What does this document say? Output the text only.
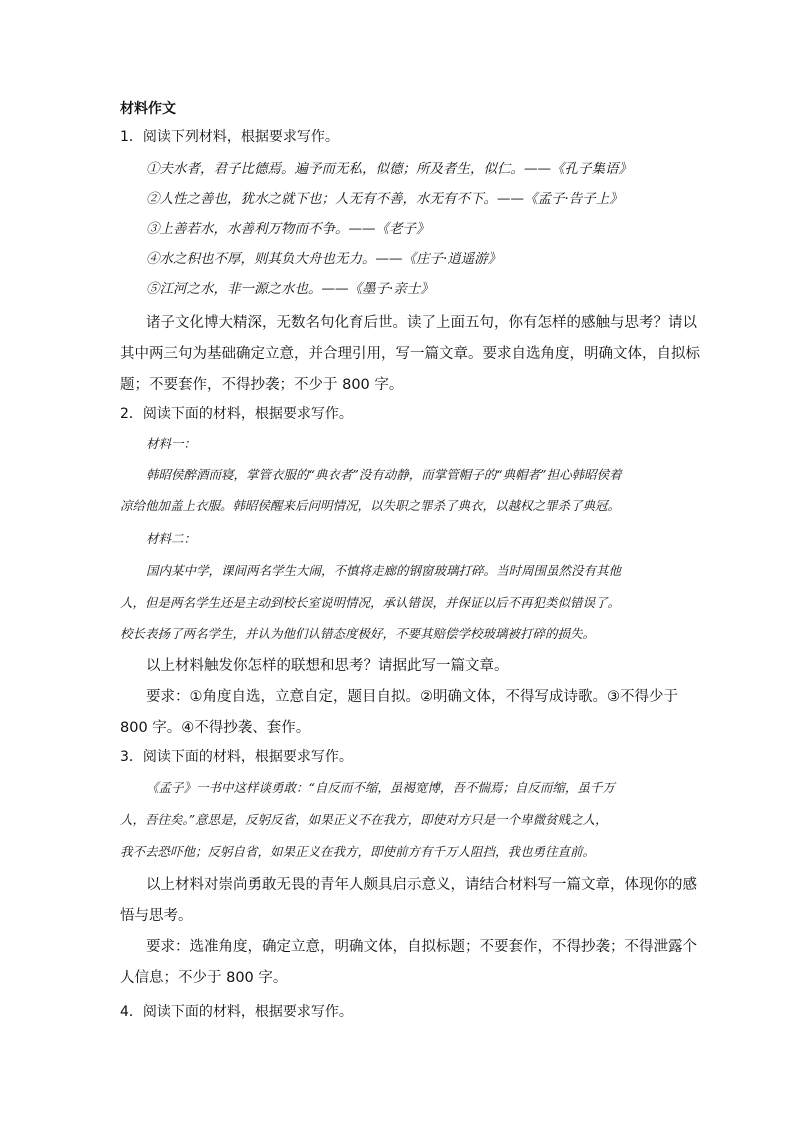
材料作文
1．阅读下列材料，根据要求写作。
①夫水者，君子比德焉。遍予而无私，似德；所及者生，似仁。——《孔子集语》
②人性之善也，犹水之就下也；人无有不善，水无有不下。——《孟子·告子上》
③上善若水，水善利万物而不争。——《老子》
④水之积也不厚，则其负大舟也无力。——《庄子·逍遥游》
⑤江河之水，非一源之水也。——《墨子·亲士》
诸子文化博大精深，无数名句化育后世。读了上面五句，你有怎样的感触与思考？请以
其中两三句为基础确定立意，并合理引用，写一篇文章。要求自选角度，明确文体，自拟标
题；不要套作，不得抄袭；不少于 800 字。
2．阅读下面的材料，根据要求写作。
材料一：
韩昭侯醉酒而寝，掌管衣服的“典衣者”没有动静，而掌管帽子的“典帽者”担心韩昭侯着
凉给他加盖上衣服。韩昭侯醒来后问明情况，以失职之罪杀了典衣，以越权之罪杀了典冠。
材料二：
国内某中学，课间两名学生大闹，不慎将走廊的钢窗玻璃打碎。当时周围虽然没有其他
人，但是两名学生还是主动到校长室说明情况，承认错误，并保证以后不再犯类似错误了。
校长表扬了两名学生，并认为他们认错态度极好，不要其赔偿学校玻璃被打碎的损失。
以上材料触发你怎样的联想和思考？请据此写一篇文章。
要求：①角度自选，立意自定，题目自拟。②明确文体，不得写成诗歌。③不得少于
800 字。④不得抄袭、套作。
3．阅读下面的材料，根据要求写作。
《孟子》一书中这样谈勇敢：“自反而不缩，虽褐宽博，吾不惴焉；自反而缩，虽千万
人，吾往矣。”意思是，反躬反省，如果正义不在我方，即使对方只是一个卑微贫贱之人，
我不去恐吓他；反躬自省，如果正义在我方，即使前方有千万人阻挡，我也勇往直前。
以上材料对崇尚勇敢无畏的青年人颇具启示意义，请结合材料写一篇文章，体现你的感
悟与思考。
要求：选准角度，确定立意，明确文体，自拟标题；不要套作，不得抄袭；不得泄露个
人信息；不少于 800 字。
4．阅读下面的材料，根据要求写作。
